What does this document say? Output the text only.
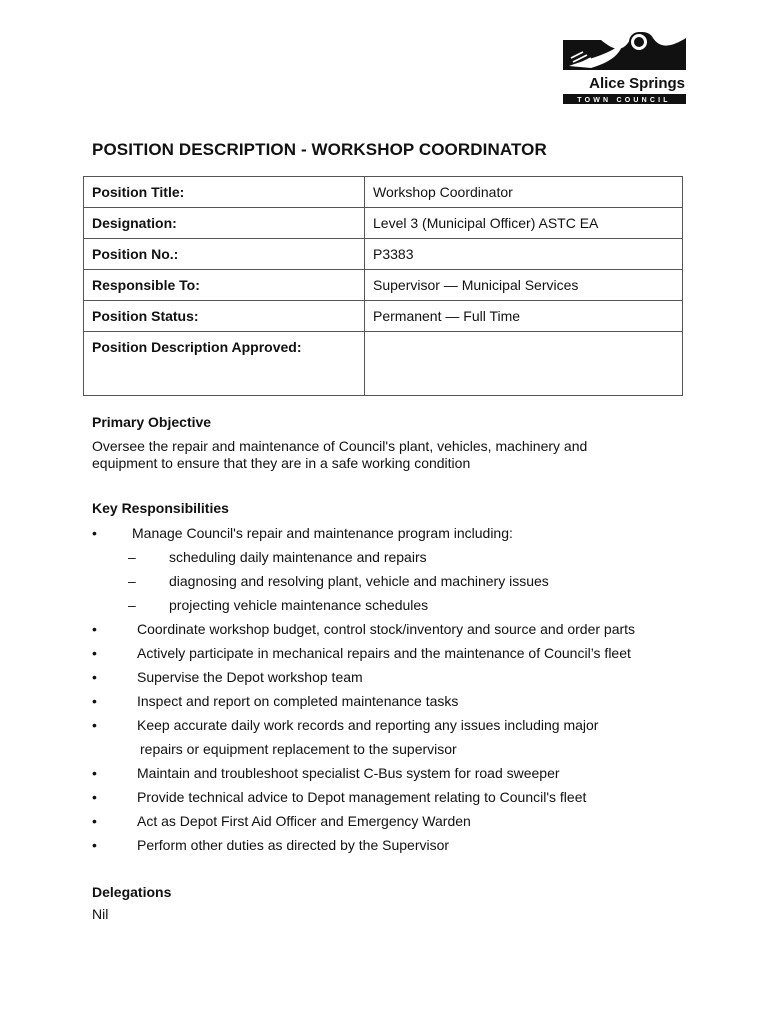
Alice Springs
TOWN COUNCIL
POSITION DESCRIPTION - WORKSHOP COORDINATOR
Position Title:	Workshop Coordinator
Designation:	Level 3 (Municipal Officer) ASTC EA
Position No.:	P3383
Responsible To:	Supervisor — Municipal Services
Position Status:	Permanent — Full Time
Position Description Approved:	

Primary Objective

Oversee the repair and maintenance of Council's plant, vehicles, machinery and
equipment to ensure that they are in a safe working condition

Key Responsibilities

•	Manage Council's repair and maintenance program including:
– scheduling daily maintenance and repairs
– diagnosing and resolving plant, vehicle and machinery issues
– projecting vehicle maintenance schedules
•	Coordinate workshop budget, control stock/inventory and source and order parts
•	Actively participate in mechanical repairs and the maintenance of Council’s fleet
•	Supervise the Depot workshop team
•	Inspect and report on completed maintenance tasks
•	Keep accurate daily work records and reporting any issues including major
repairs or equipment replacement to the supervisor
•	Maintain and troubleshoot specialist C-Bus system for road sweeper
•	Provide technical advice to Depot management relating to Council's fleet
•	Act as Depot First Aid Officer and Emergency Warden
•	Perform other duties as directed by the Supervisor

Delegations

Nil
